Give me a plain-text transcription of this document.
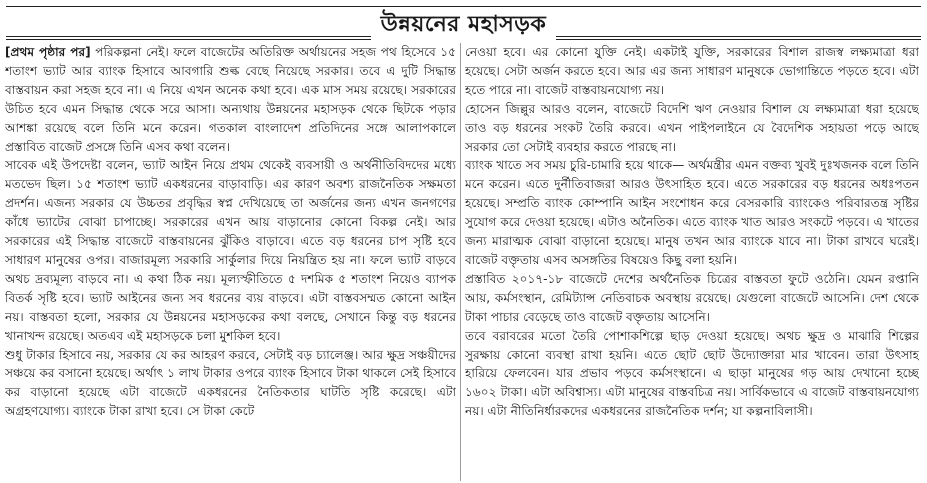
উন্নয়নের মহাসড়ক

[প্রথম পৃষ্ঠার পর] পরিকল্পনা নেই। ফলে বাজেটের অতিরিক্ত অর্থায়নের সহজ পথ হিসেবে ১৫ শতাংশ ভ্যাট আর ব্যাংক হিসাবে আবগারি শুল্ক বেছে নিয়েছে সরকার। তবে এ দুটি সিদ্ধান্ত বাস্তবায়ন করা সহজ হবে না। এ নিয়ে এখন অনেক কথা হবে। এক মাস সময় রয়েছে। সরকারের উচিত হবে এমন সিদ্ধান্ত থেকে সরে আসা। অন্যথায় উন্নয়নের মহাসড়ক থেকে ছিটকে পড়ার আশঙ্কা রয়েছে বলে তিনি মনে করেন। গতকাল বাংলাদেশ প্রতিদিনের সঙ্গে আলাপকালে প্রস্তাবিত বাজেট প্রসঙ্গে তিনি এসব কথা বলেন।

সাবেক এই উপদেষ্টা বলেন, ভ্যাট আইন নিয়ে প্রথম থেকেই ব্যবসায়ী ও অর্থনীতিবিদদের মধ্যে মতভেদ ছিল। ১৫ শতাংশ ভ্যাট একধরনের বাড়াবাড়ি। এর কারণ অবশ্য রাজনৈতিক সক্ষমতা প্রদর্শন। এজন্য সরকার যে উচ্চতর প্রবৃদ্ধির স্বপ্ন দেখিয়েছে তা অর্জনের জন্য এখন জনগণের কাঁধে ভ্যাটের বোঝা চাপাচ্ছে। সরকারের এখন আয় বাড়ানোর কোনো বিকল্প নেই। আর সরকারের এই সিদ্ধান্ত বাজেটে বাস্তবায়নের ঝুঁকিও বাড়াবে। এতে বড় ধরনের চাপ সৃষ্টি হবে সাধারণ মানুষের ওপর। বাজারমূল্য সরকারি সার্কুলার দিয়ে নিয়ন্ত্রিত হয় না। ফলে ভ্যাট বাড়বে অথচ দ্রব্যমূল্য বাড়বে না। এ কথা ঠিক নয়। মূল্যস্ফীতিতে ৫ দশমিক ৫ শতাংশ নিয়েও ব্যাপক বিতর্ক সৃষ্টি হবে। ভ্যাট আইনের জন্য সব ধরনের ব্যয় বাড়বে। এটা বাস্তবসম্মত কোনো আইন নয়। বাস্তবতা হলো, সরকার যে উন্নয়নের মহাসড়কের কথা বলছে, সেখানে কিন্তু বড় ধরনের খানাখন্দ রয়েছে। অতএব এই মহাসড়কে চলা মুশকিল হবে।

শুধু টাকার হিসাবে নয়, সরকার যে কর আহরণ করবে, সেটাই বড় চ্যালেঞ্জ। আর ক্ষুদ্র সঞ্চয়ীদের সঞ্চয়ে কর বসানো হয়েছে। অর্থাৎ ১ লাখ টাকার ওপরে ব্যাংক হিসাবে টাকা থাকলে সেই হিসাবে কর বাড়ানো হয়েছে এটা বাজেটে একধরনের নৈতিকতার ঘাটতি সৃষ্টি করেছে। এটা অগ্রহণযোগ্য। ব্যাংকে টাকা রাখা হবে। সে টাকা কেটে

নেওয়া হবে। এর কোনো যুক্তি নেই। একটাই যুক্তি, সরকারের বিশাল রাজস্ব লক্ষ্যমাত্রা ধরা হয়েছে। সেটা অর্জন করতে হবে। আর এর জন্য সাধারণ মানুষকে ভোগান্তিতে পড়তে হবে। এটা হতে পারে না। বাজেট বাস্তবায়নযোগ্য নয়।

হোসেন জিল্লুর আরও বলেন, বাজেটে বিদেশি ঋণ নেওয়ার বিশাল যে লক্ষ্যমাত্রা ধরা হয়েছে তাও বড় ধরনের সংকট তৈরি করবে। এখন পাইপলাইনে যে বৈদেশিক সহায়তা পড়ে আছে সরকার তো সেটাই ব্যবহার করতে পারছে না।

ব্যাংক খাতে সব সময় চুরি-চামারি হয়ে থাকে— অর্থমন্ত্রীর এমন বক্তব্য খুবই দুঃখজনক বলে তিনি মনে করেন। এতে দুর্নীতিবাজরা আরও উৎসাহিত হবে। এতে সরকারের বড় ধরনের অধঃপতন হয়েছে। সম্প্রতি ব্যাংক কোম্পানি আইন সংশোধন করে বেসরকারি ব্যাংকেও পরিবারতন্ত্র সৃষ্টির সুযোগ করে দেওয়া হয়েছে। এটাও অনৈতিক। এতে ব্যাংক খাত আরও সংকটে পড়বে। এ খাতের জন্য মারাত্মক বোঝা বাড়ানো হয়েছে। মানুষ তখন আর ব্যাংকে যাবে না। টাকা রাখবে ঘরেই। বাজেট বক্তৃতায় এসব অসঙ্গতির বিষয়েও কিছু বলা হয়নি।

প্রস্তাবিত ২০১৭-১৮ বাজেটে দেশের অর্থনৈতিক চিত্রের বাস্তবতা ফুটে ওঠেনি। যেমন রপ্তানি আয়, কর্মসংস্থান, রেমিট্যান্স নেতিবাচক অবস্থায় রয়েছে। যেগুলো বাজেটে আসেনি। দেশ থেকে টাকা পাচার বেড়েছে তাও বাজেট বক্তৃতায় আসেনি।

তবে বরাবরের মতো তৈরি পোশাকশিল্পে ছাড় দেওয়া হয়েছে। অথচ ক্ষুদ্র ও মাঝারি শিল্পের সুরক্ষায় কোনো ব্যবস্থা রাখা হয়নি। এতে ছোট ছোট উদ্যোক্তারা মার খাবেন। তারা উৎসাহ হারিয়ে ফেলবেন। যার প্রভাব পড়বে কর্মসংস্থানে। এ ছাড়া মানুষের গড় আয় দেখানো হচ্ছে ১৬০২ টাকা। এটা অবিশ্বাস্য। এটা মানুষের বাস্তবচিত্র নয়। সার্বিকভাবে এ বাজেট বাস্তবায়নযোগ্য নয়। এটা নীতিনির্ধারকদের একধরনের রাজনৈতিক দর্শন; যা কল্পনাবিলাসী।
